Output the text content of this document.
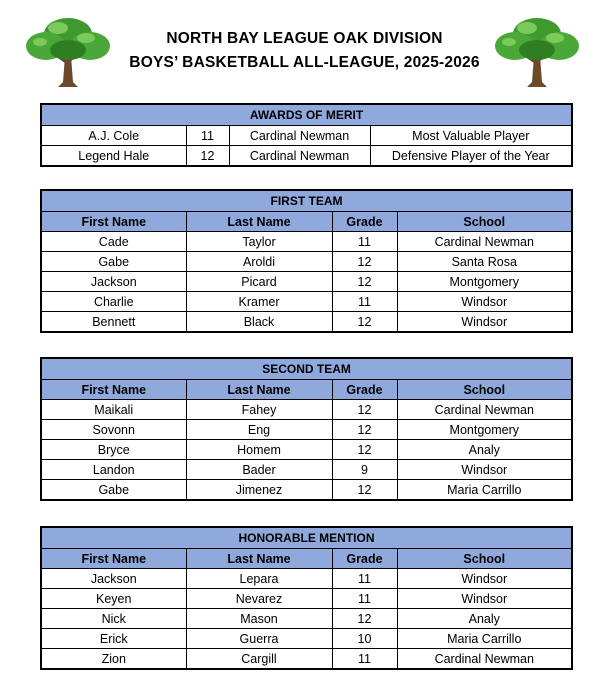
NORTH BAY LEAGUE OAK DIVISION
BOYS’ BASKETBALL ALL-LEAGUE, 2025-2026
AWARDS OF MERIT			
A.J. Cole	11	Cardinal Newman	Most Valuable Player
Legend Hale	12	Cardinal Newman	Defensive Player of the Year
FIRST TEAM			
First Name	Last Name	Grade	School
Cade	Taylor	11	Cardinal Newman
Gabe	Aroldi	12	Santa Rosa
Jackson	Picard	12	Montgomery
Charlie	Kramer	11	Windsor
Bennett	Black	12	Windsor
SECOND TEAM			
First Name	Last Name	Grade	School
Maikali	Fahey	12	Cardinal Newman
Sovonn	Eng	12	Montgomery
Bryce	Homem	12	Analy
Landon	Bader	9	Windsor
Gabe	Jimenez	12	Maria Carrillo
HONORABLE MENTION			
First Name	Last Name	Grade	School
Jackson	Lepara	11	Windsor
Keyen	Nevarez	11	Windsor
Nick	Mason	12	Analy
Erick	Guerra	10	Maria Carrillo
Zion	Cargill	11	Cardinal Newman
